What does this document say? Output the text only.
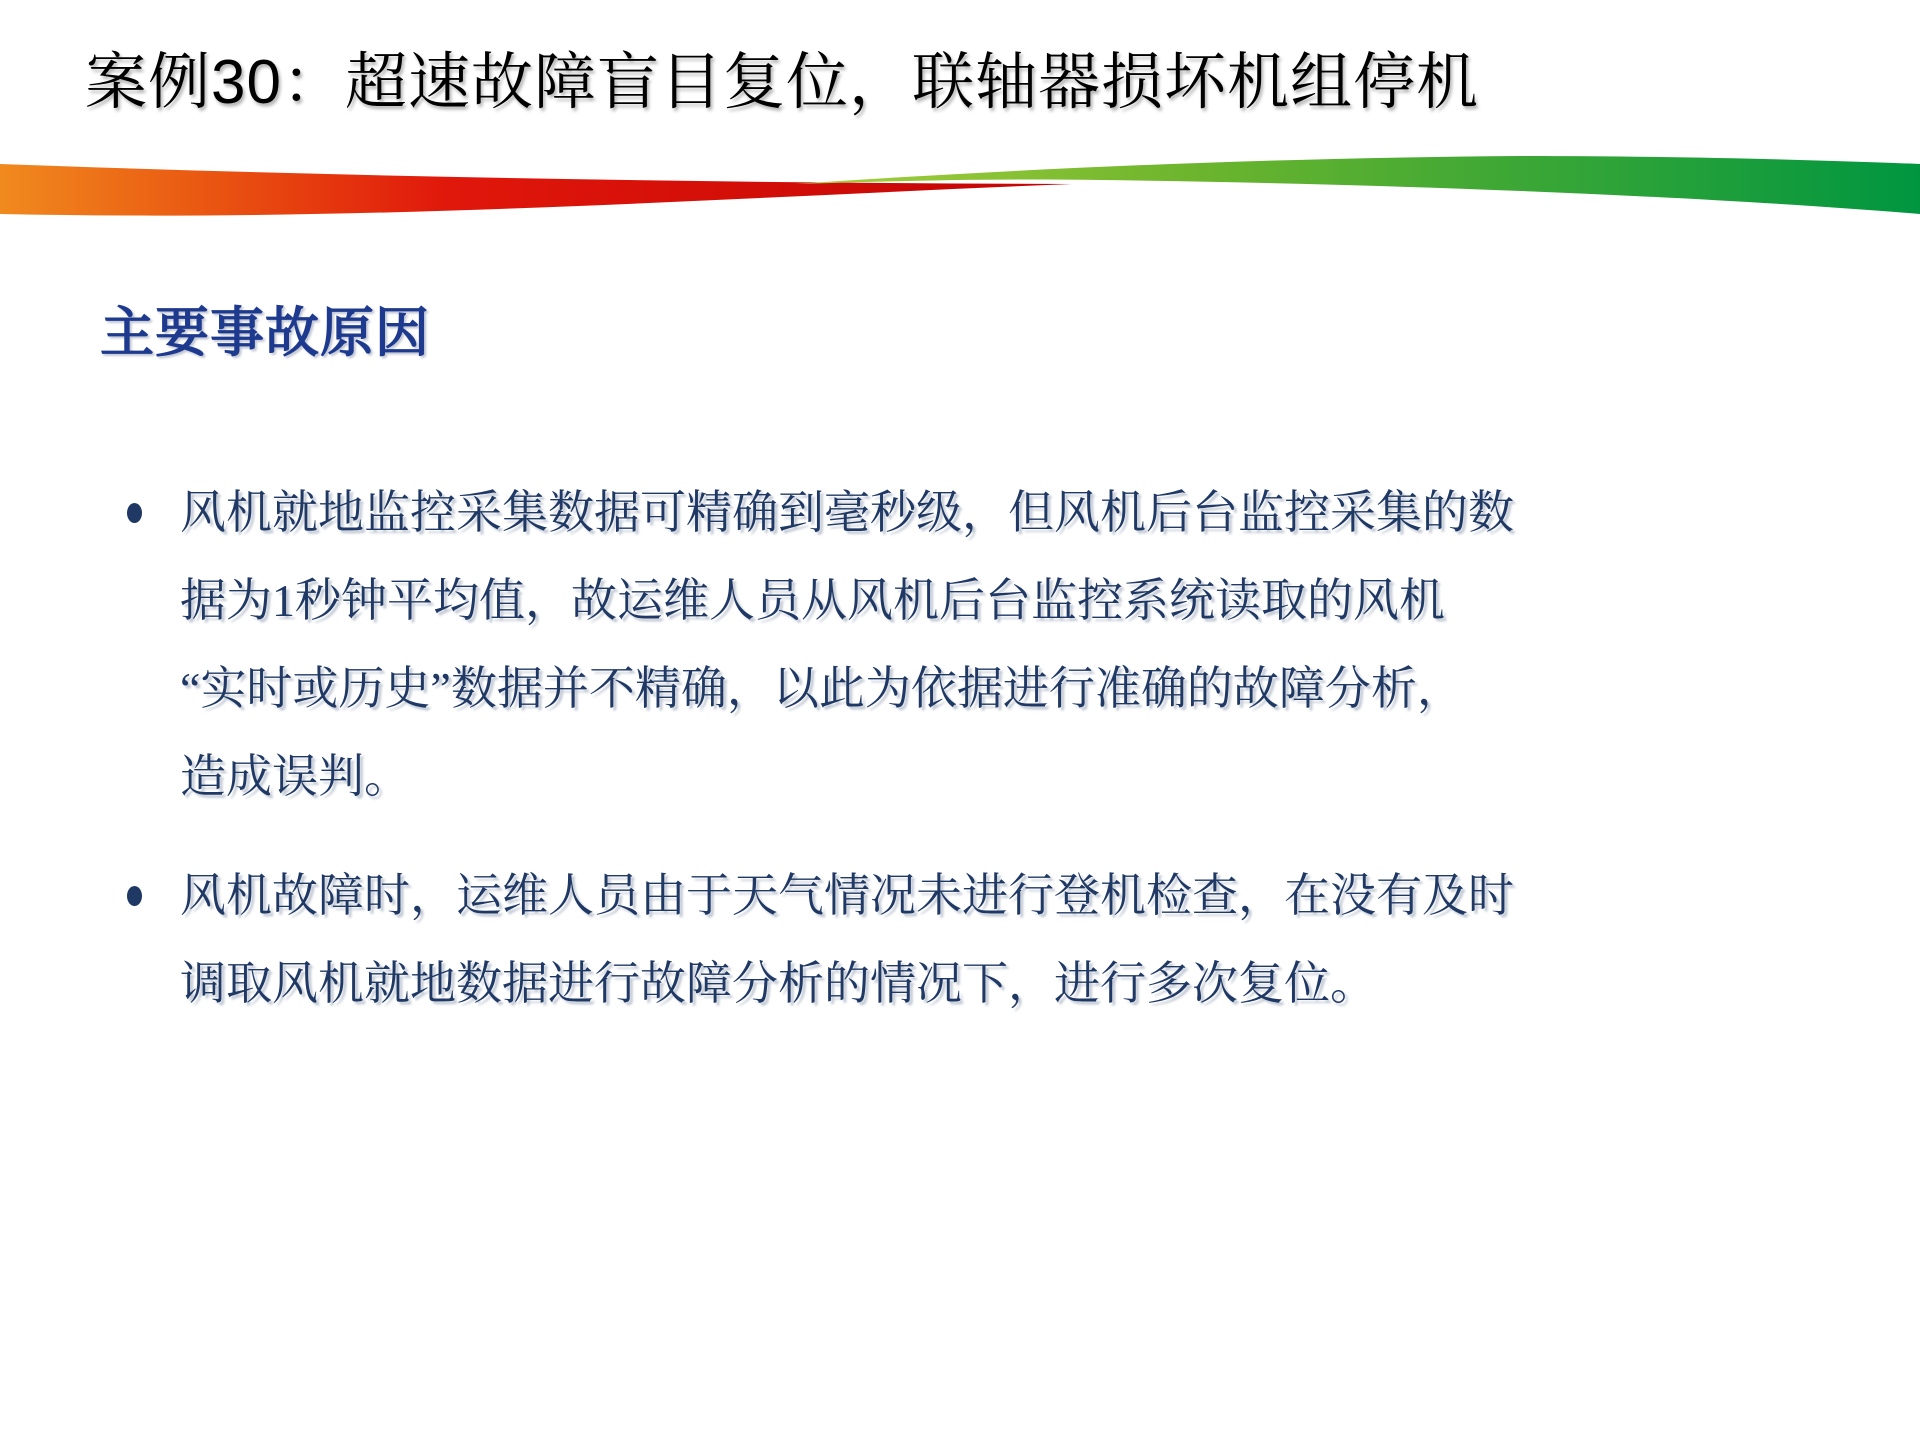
案例30：超速故障盲目复位，联轴器损坏机组停机
主要事故原因
风机就地监控采集数据可精确到毫秒级，但风机后台监控采集的数
据为1秒钟平均值，故运维人员从风机后台监控系统读取的风机
“实时或历史”数据并不精确，以此为依据进行准确的故障分析，
造成误判。
风机故障时，运维人员由于天气情况未进行登机检查，在没有及时
调取风机就地数据进行故障分析的情况下，进行多次复位。
